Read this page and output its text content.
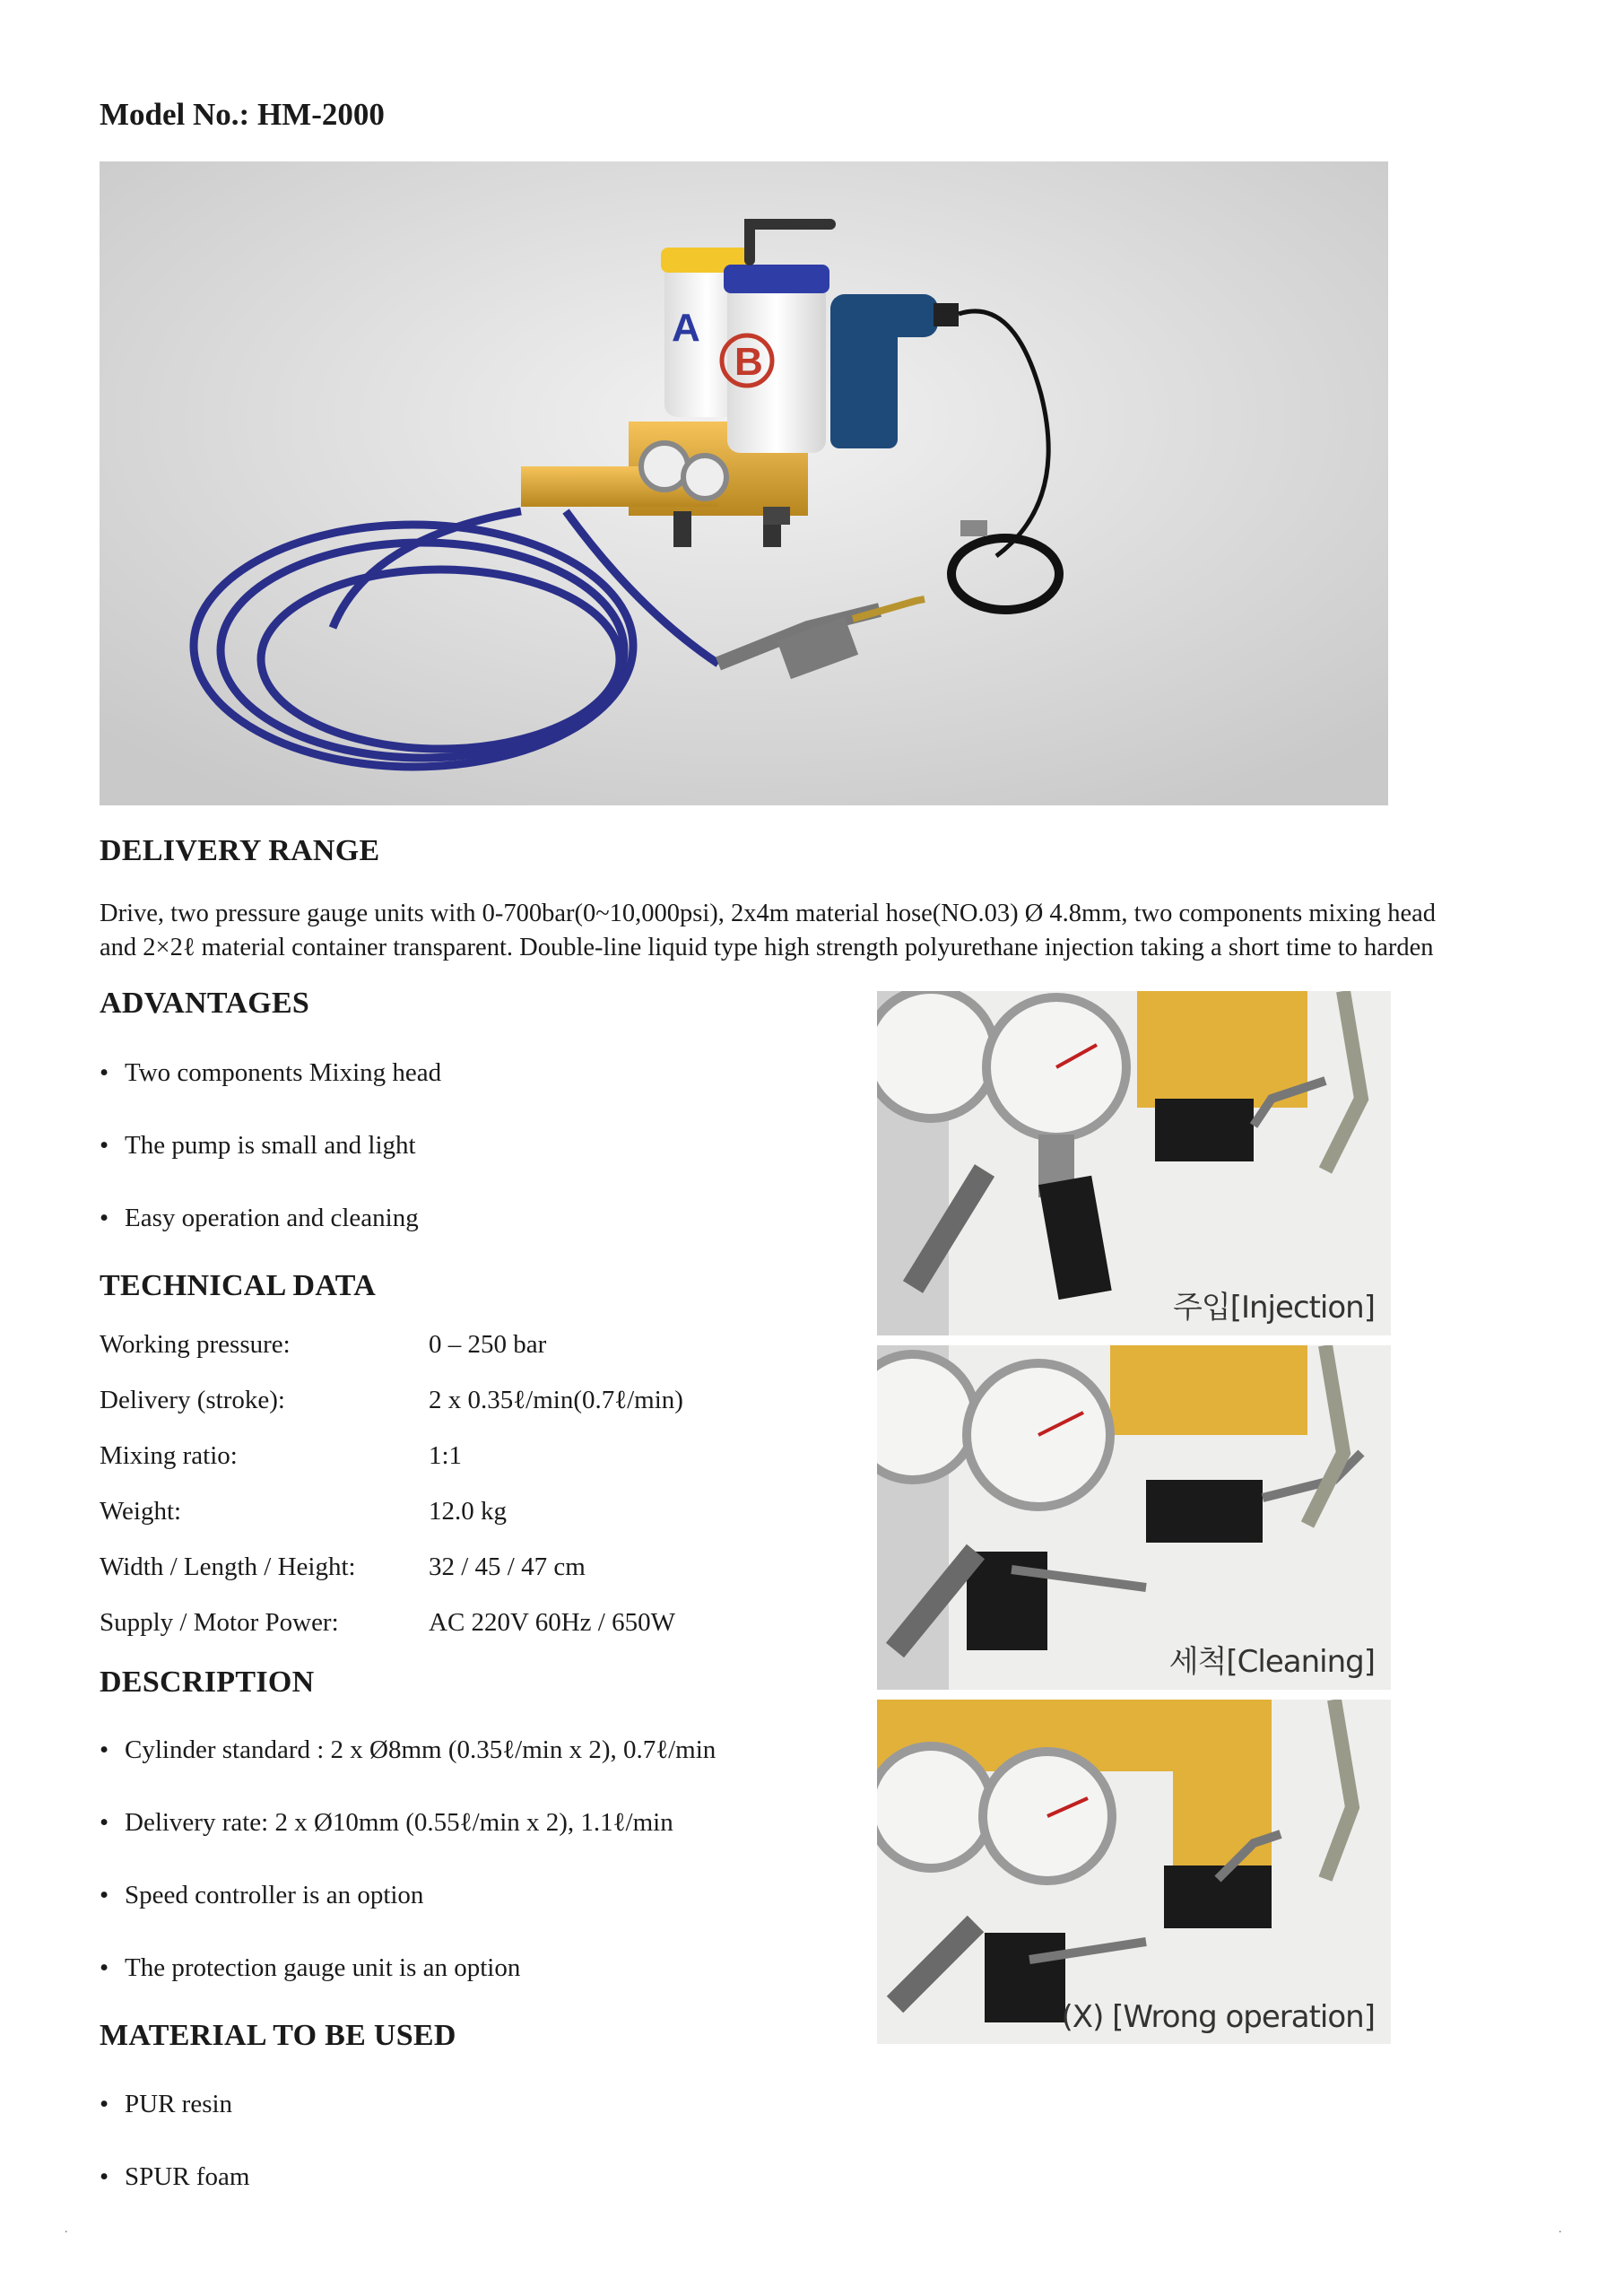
Model No.: HM-2000
A
B
DELIVERY RANGE
Drive, two pressure gauge units with 0-700bar(0~10,000psi), 2x4m material hose(NO.03) Ø 4.8mm, two components mixing head
and 2×2ℓ material container transparent. Double-line liquid type high strength polyurethane injection taking a short time to harden
ADVANTAGES
• Two components Mixing head
• The pump is small and light
• Easy operation and cleaning
TECHNICAL DATA
Working pressure:	0 – 250 bar
Delivery (stroke):	2 x 0.35ℓ/min(0.7ℓ/min)
Mixing ratio:	1:1
Weight:	12.0 kg
Width / Length / Height:	32 / 45 / 47 cm
Supply / Motor Power:	AC 220V 60Hz / 650W
DESCRIPTION
• Cylinder standard : 2 x Ø8mm (0.35ℓ/min x 2), 0.7ℓ/min
• Delivery rate: 2 x Ø10mm (0.55ℓ/min x 2), 1.1ℓ/min
• Speed controller is an option
• The protection gauge unit is an option
MATERIAL TO BE USED
• PUR resin
• SPUR foam
주입[Injection]
세척[Cleaning]
(X) [Wrong operation]
.	.
